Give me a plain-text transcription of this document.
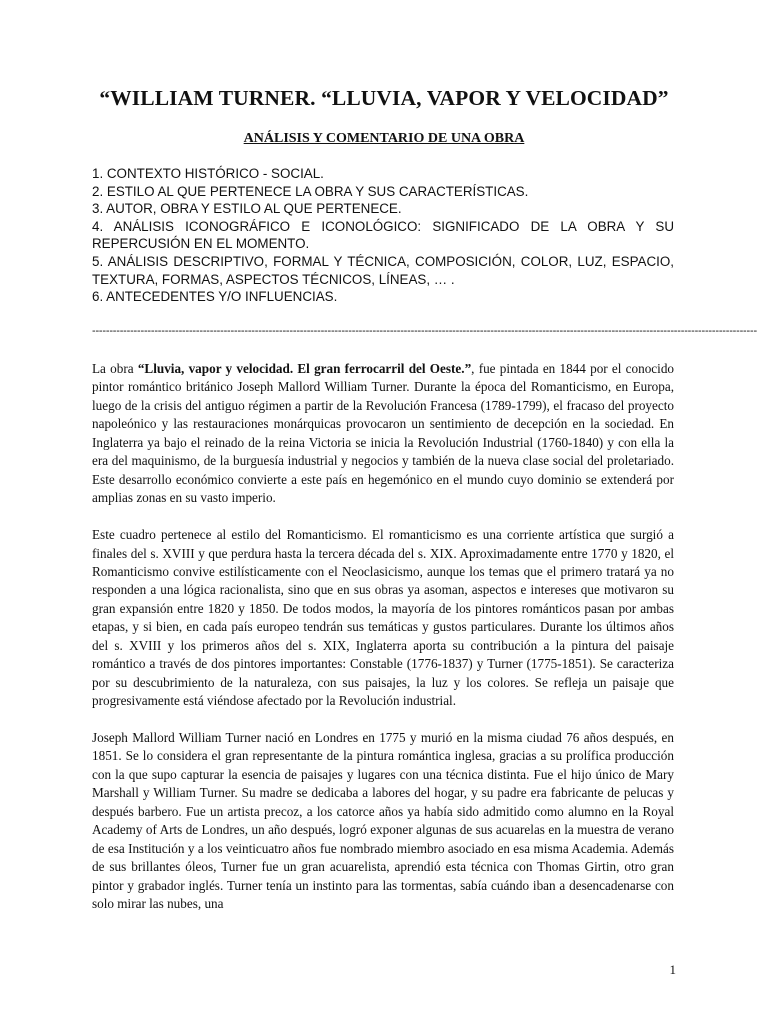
“WILLIAM TURNER. “LLUVIA, VAPOR Y VELOCIDAD”
ANÁLISIS Y COMENTARIO DE UNA OBRA
1. CONTEXTO HISTÓRICO - SOCIAL.
2. ESTILO AL QUE PERTENECE LA OBRA Y SUS CARACTERÍSTICAS.
3. AUTOR, OBRA Y ESTILO AL QUE PERTENECE.
4. ANÁLISIS ICONOGRÁFICO E ICONOLÓGICO: SIGNIFICADO DE LA OBRA Y SU REPERCUSIÓN EN EL MOMENTO.
5. ANÁLISIS DESCRIPTIVO, FORMAL Y TÉCNICA, COMPOSICIÓN, COLOR, LUZ, ESPACIO, TEXTURA, FORMAS, ASPECTOS TÉCNICOS, LÍNEAS, … .
6. ANTECEDENTES Y/O INFLUENCIAS.
------------------------------------------------------------------------------------------------------------------------------------------------------------------------------------------------

La obra “Lluvia, vapor y velocidad. El gran ferrocarril del Oeste.”, fue pintada en 1844 por el conocido pintor romántico británico Joseph Mallord William Turner. Durante la época del Romanticismo, en Europa, luego de la crisis del antiguo régimen a partir de la Revolución Francesa (1789-1799), el fracaso del proyecto napoleónico y las restauraciones monárquicas provocaron un sentimiento de decepción en la sociedad. En Inglaterra ya bajo el reinado de la reina Victoria se inicia la Revolución Industrial (1760-1840) y con ella la era del maquinismo, de la burguesía industrial y negocios y también de la nueva clase social del proletariado. Este desarrollo económico convierte a este país en hegemónico en el mundo cuyo dominio se extenderá por amplias zonas en su vasto imperio.

Este cuadro pertenece al estilo del Romanticismo. El romanticismo es una corriente artística que surgió a finales del s. XVIII y que perdura hasta la tercera década del s. XIX. Aproximadamente entre 1770 y 1820, el Romanticismo convive estilísticamente con el Neoclasicismo, aunque los temas que el primero tratará ya no responden a una lógica racionalista, sino que en sus obras ya asoman, aspectos e intereses que motivaron su gran expansión entre 1820 y 1850. De todos modos, la mayoría de los pintores románticos pasan por ambas etapas, y si bien, en cada país europeo tendrán sus temáticas y gustos particulares. Durante los últimos años del s. XVIII y los primeros años del s. XIX, Inglaterra aporta su contribución a la pintura del paisaje romántico a través de dos pintores importantes: Constable (1776-1837) y Turner (1775-1851). Se caracteriza por su descubrimiento de la naturaleza, con sus paisajes, la luz y los colores. Se refleja un paisaje que progresivamente está viéndose afectado por la Revolución industrial.

Joseph Mallord William Turner nació en Londres en 1775 y murió en la misma ciudad 76 años después, en 1851. Se lo considera el gran representante de la pintura romántica inglesa, gracias a su prolífica producción con la que supo capturar la esencia de paisajes y lugares con una técnica distinta. Fue el hijo único de Mary Marshall y William Turner. Su madre se dedicaba a labores del hogar, y su padre era fabricante de pelucas y después barbero. Fue un artista precoz, a los catorce años ya había sido admitido como alumno en la Royal Academy of Arts de Londres, un año después, logró exponer algunas de sus acuarelas en la muestra de verano de esa Institución y a los veinticuatro años fue nombrado miembro asociado en esa misma Academia. Además de sus brillantes óleos, Turner fue un gran acuarelista, aprendió esta técnica con Thomas Girtin, otro gran pintor y grabador inglés. Turner tenía un instinto para las tormentas, sabía cuándo iban a desencadenarse con solo mirar las nubes, una

1
